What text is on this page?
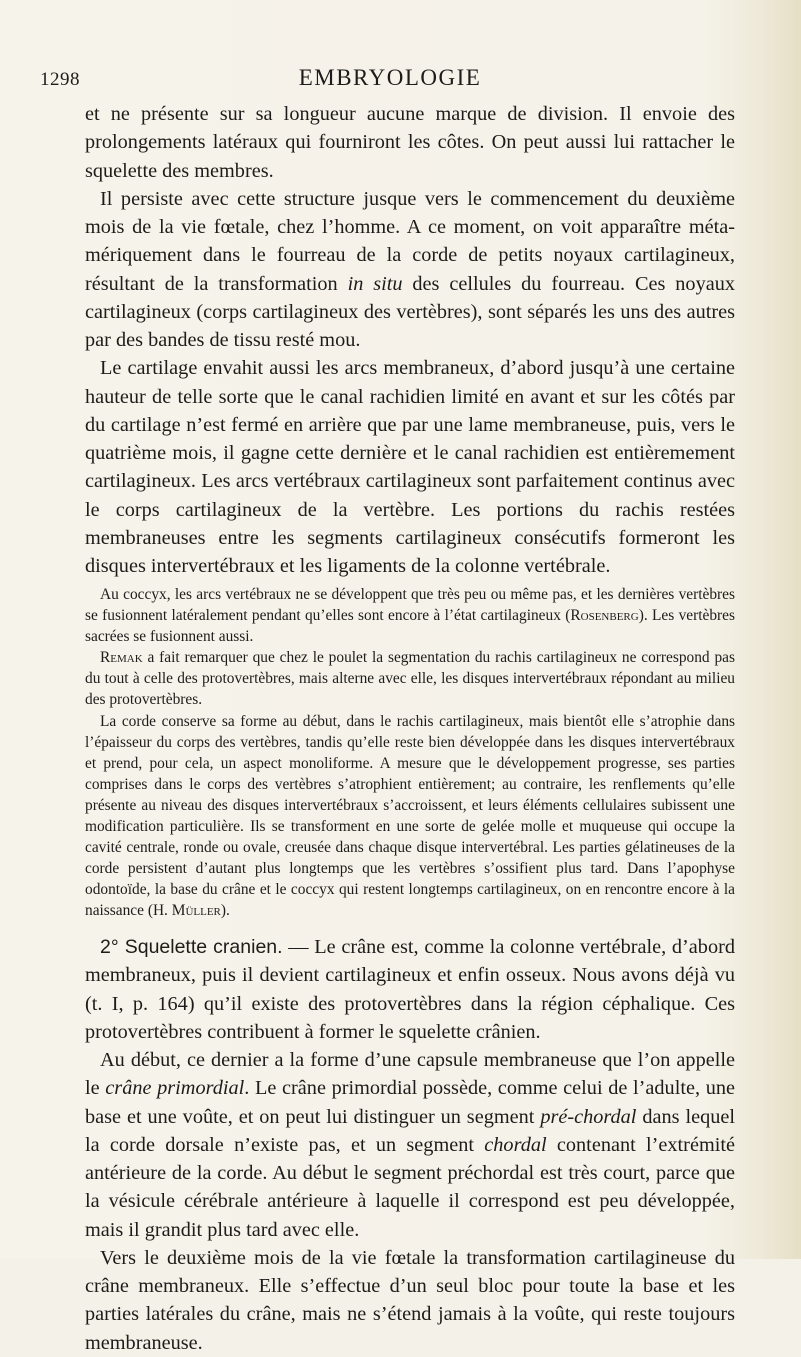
1298	EMBRYOLOGIE

et ne présente sur sa longueur aucune marque de division. Il envoie des prolongements latéraux qui fourniront les côtes. On peut aussi lui rattacher le squelette des membres.

Il persiste avec cette structure jusque vers le commencement du deuxième mois de la vie fœtale, chez l’homme. A ce moment, on voit apparaître méta-mériquement dans le fourreau de la corde de petits noyaux cartilagineux, résultant de la transformation in situ des cellules du fourreau. Ces noyaux cartilagineux (corps cartilagineux des vertèbres), sont séparés les uns des autres par des bandes de tissu resté mou.

Le cartilage envahit aussi les arcs membraneux, d’abord jusqu’à une certaine hauteur de telle sorte que le canal rachidien limité en avant et sur les côtés par du cartilage n’est fermé en arrière que par une lame membraneuse, puis, vers le quatrième mois, il gagne cette dernière et le canal rachidien est entièremement cartilagineux. Les arcs vertébraux cartilagineux sont parfaitement continus avec le corps cartilagineux de la vertèbre. Les portions du rachis restées membraneuses entre les segments cartilagineux consécutifs formeront les disques intervertébraux et les ligaments de la colonne vertébrale.

Au coccyx, les arcs vertébraux ne se développent que très peu ou même pas, et les dernières vertèbres se fusionnent latéralement pendant qu’elles sont encore à l’état cartilagineux (Rosenberg). Les vertèbres sacrées se fusionnent aussi.

Remak a fait remarquer que chez le poulet la segmentation du rachis cartilagineux ne correspond pas du tout à celle des protovertèbres, mais alterne avec elle, les disques intervertébraux répondant au milieu des protovertèbres.

La corde conserve sa forme au début, dans le rachis cartilagineux, mais bientôt elle s’atrophie dans l’épaisseur du corps des vertèbres, tandis qu’elle reste bien développée dans les disques intervertébraux et prend, pour cela, un aspect monoliforme. A mesure que le développement progresse, ses parties comprises dans le corps des vertèbres s’atrophient entièrement; au contraire, les renflements qu’elle présente au niveau des disques intervertébraux s’accroissent, et leurs éléments cellulaires subissent une modification particulière. Ils se transforment en une sorte de gelée molle et muqueuse qui occupe la cavité centrale, ronde ou ovale, creusée dans chaque disque intervertébral. Les parties gélatineuses de la corde persistent d’autant plus longtemps que les vertèbres s’ossifient plus tard. Dans l’apophyse odontoïde, la base du crâne et le coccyx qui restent longtemps cartilagineux, on en rencontre encore à la naissance (H. Müller).

2° Squelette cranien. — Le crâne est, comme la colonne vertébrale, d’abord membraneux, puis il devient cartilagineux et enfin osseux. Nous avons déjà vu (t. I, p. 164) qu’il existe des protovertèbres dans la région céphalique. Ces protovertèbres contribuent à former le squelette crânien.

Au début, ce dernier a la forme d’une capsule membraneuse que l’on appelle le crâne primordial. Le crâne primordial possède, comme celui de l’adulte, une base et une voûte, et on peut lui distinguer un segment pré-chordal dans lequel la corde dorsale n’existe pas, et un segment chordal contenant l’extrémité antérieure de la corde. Au début le segment préchordal est très court, parce que la vésicule cérébrale antérieure à laquelle il correspond est peu développée, mais il grandit plus tard avec elle.

Vers le deuxième mois de la vie fœtale la transformation cartilagineuse du crâne membraneux. Elle s’effectue d’un seul bloc pour toute la base et les parties latérales du crâne, mais ne s’étend jamais à la voûte, qui reste toujours membraneuse.
